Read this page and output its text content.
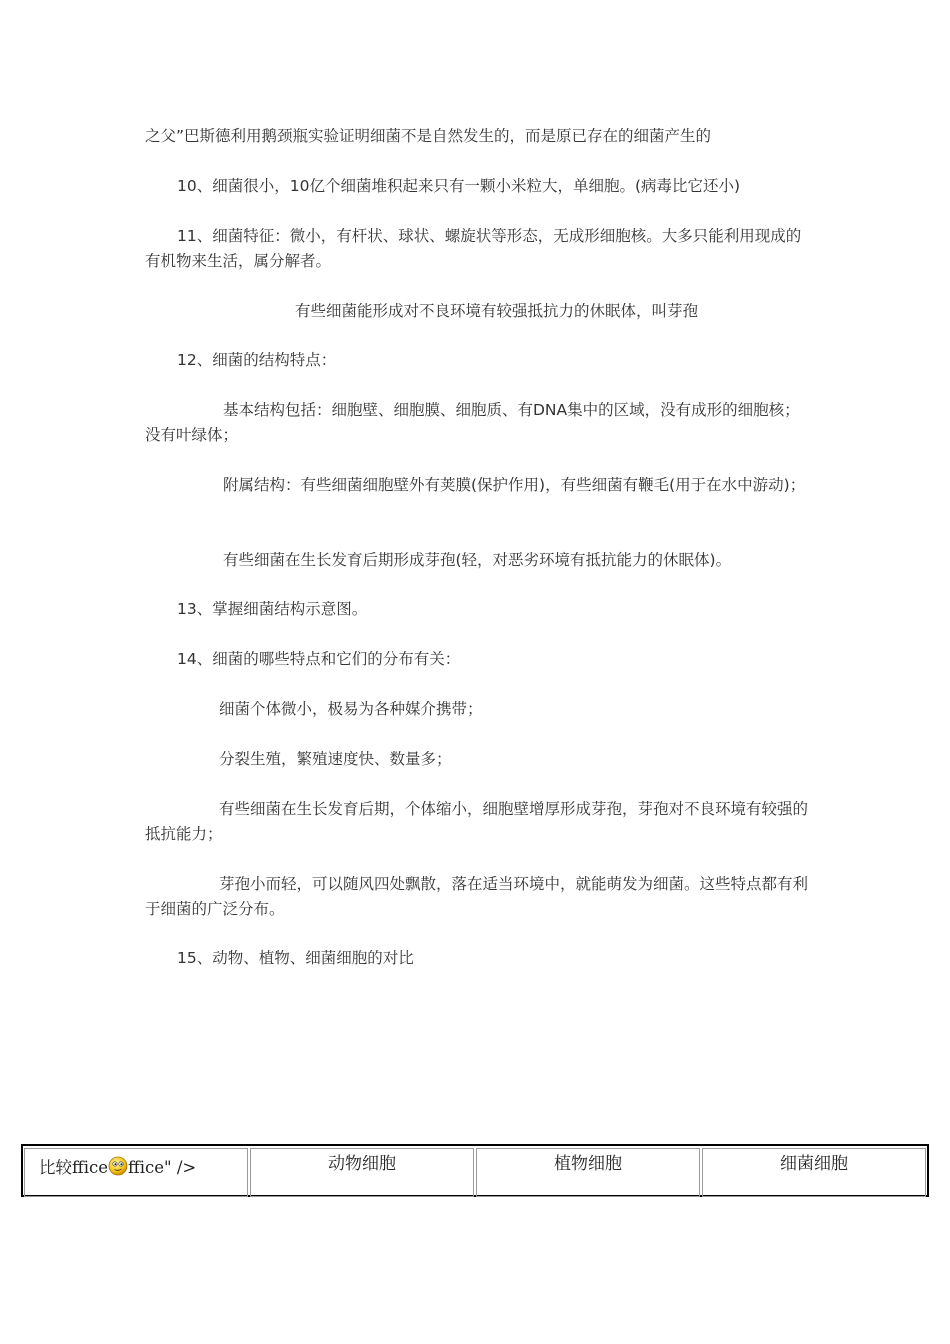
之父”巴斯德利用鹅颈瓶实验证明细菌不是自然发生的，而是原已存在的细菌产生的

10、细菌很小，10亿个细菌堆积起来只有一颗小米粒大，单细胞。(病毒比它还小)

11、细菌特征：微小，有杆状、球状、螺旋状等形态，无成形细胞核。大多只能利用现成的有机物来生活，属分解者。

有些细菌能形成对不良环境有较强抵抗力的休眠体，叫芽孢

12、细菌的结构特点：

基本结构包括：细胞壁、细胞膜、细胞质、有DNA集中的区域，没有成形的细胞核；没有叶绿体；

附属结构：有些细菌细胞壁外有荚膜(保护作用)，有些细菌有鞭毛(用于在水中游动)；

有些细菌在生长发育后期形成芽孢(轻，对恶劣环境有抵抗能力的休眠体)。

13、掌握细菌结构示意图。

14、细菌的哪些特点和它们的分布有关：

细菌个体微小，极易为各种媒介携带；

分裂生殖，繁殖速度快、数量多；

有些细菌在生长发育后期，个体缩小，细胞壁增厚形成芽孢，芽孢对不良环境有较强的抵抗能力；

芽孢小而轻，可以随风四处飘散，落在适当环境中，就能萌发为细菌。这些特点都有利于细菌的广泛分布。

15、动物、植物、细菌细胞的对比

比较ffice ffice" />	动物细胞	植物细胞	细菌细胞
